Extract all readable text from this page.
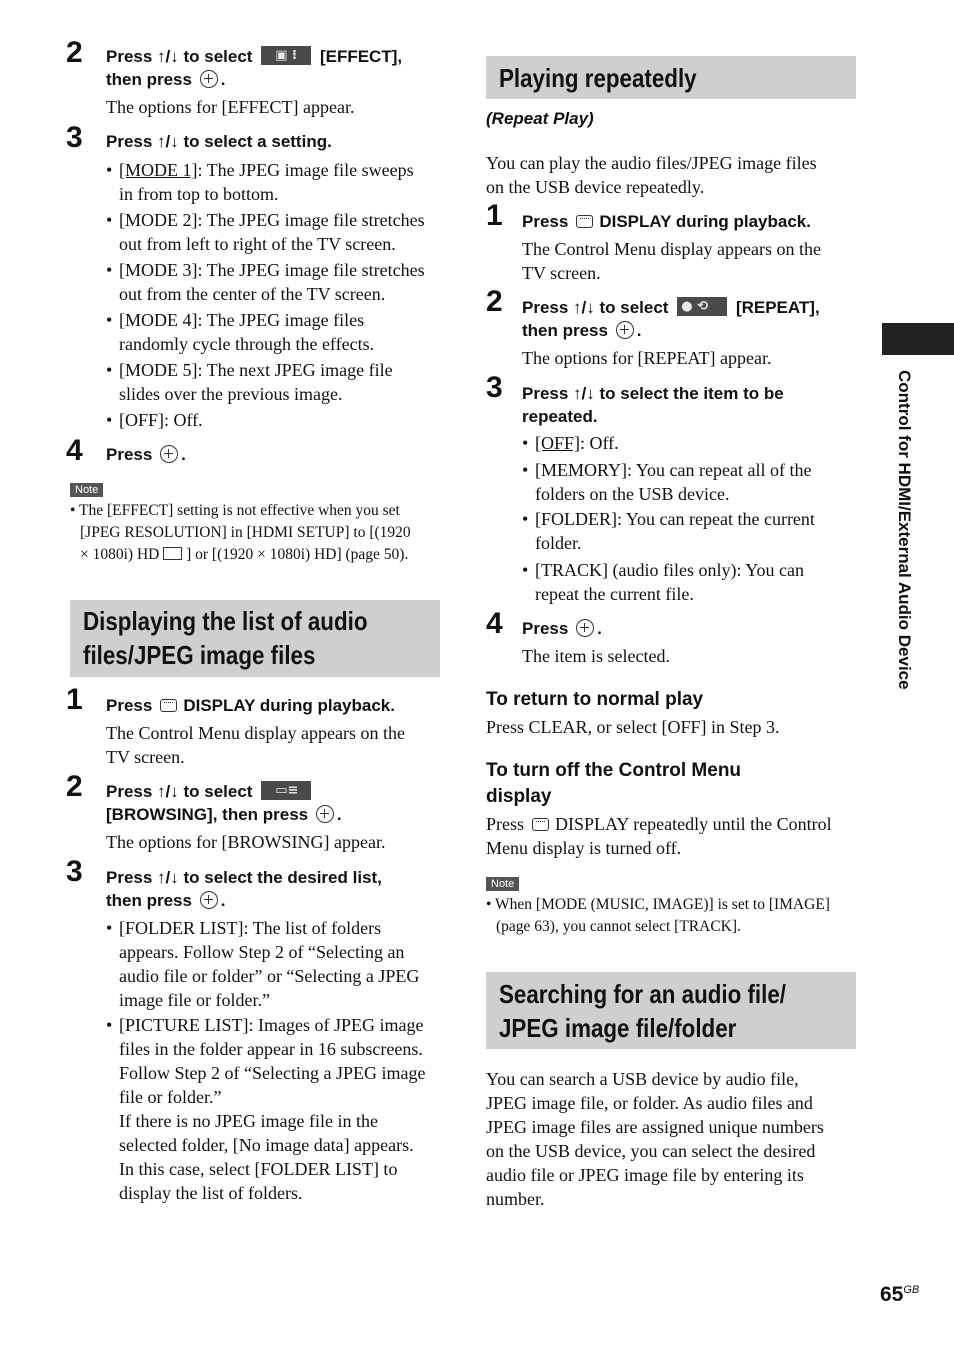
2 Press ↑/↓ to select ▣ ⁝ [EFFECT],
then press .
The options for [EFFECT] appear.
3 Press ↑/↓ to select a setting.
• [MODE 1]: The JPEG image file sweeps
in from top to bottom.
• [MODE 2]: The JPEG image file stretches
out from left to right of the TV screen.
• [MODE 3]: The JPEG image file stretches
out from the center of the TV screen.
• [MODE 4]: The JPEG image files
randomly cycle through the effects.
• [MODE 5]: The next JPEG image file
slides over the previous image.
• [OFF]: Off.
4 Press .
Note
• The [EFFECT] setting is not effective when you set
[JPEG RESOLUTION] in [HDMI SETUP] to [(1920
× 1080i) HD ] or [(1920 × 1080i) HD] (page 50).
Displaying the list of audio
files/JPEG image files
1 Press DISPLAY during playback.
The Control Menu display appears on the
TV screen.
2 Press ↑/↓ to select ▭≡

[BROWSING], then press .
The options for [BROWSING] appear.
3 Press ↑/↓ to select the desired list,
then press .
• [FOLDER LIST]: The list of folders
appears. Follow Step 2 of “Selecting an
audio file or folder” or “Selecting a JPEG
image file or folder.”
• [PICTURE LIST]: Images of JPEG image
files in the folder appear in 16 subscreens.
Follow Step 2 of “Selecting a JPEG image
file or folder.”
If there is no JPEG image file in the
selected folder, [No image data] appears.
In this case, select [FOLDER LIST] to
display the list of folders.
Playing repeatedly
(Repeat Play)
You can play the audio files/JPEG image files
on the USB device repeatedly.
1 Press DISPLAY during playback.
The Control Menu display appears on the
TV screen.
2 Press ↑/↓ to select ● ⟲ [REPEAT],
then press .
The options for [REPEAT] appear.
3 Press ↑/↓ to select the item to be
repeated.
• [OFF]: Off.
• [MEMORY]: You can repeat all of the
folders on the USB device.
• [FOLDER]: You can repeat the current
folder.
• [TRACK] (audio files only): You can
repeat the current file.
4 Press .
The item is selected.
To return to normal play
Press CLEAR, or select [OFF] in Step 3.
To turn off the Control Menu
display
Press DISPLAY repeatedly until the Control
Menu display is turned off.
Note
• When [MODE (MUSIC, IMAGE)] is set to [IMAGE]
(page 63), you cannot select [TRACK].
Searching for an audio file/
JPEG image file/folder
You can search a USB device by audio file,
JPEG image file, or folder. As audio files and
JPEG image files are assigned unique numbers
on the USB device, you can select the desired
audio file or JPEG image file by entering its
number.
Control for HDMI/External Audio Device
$65^{GB}$
